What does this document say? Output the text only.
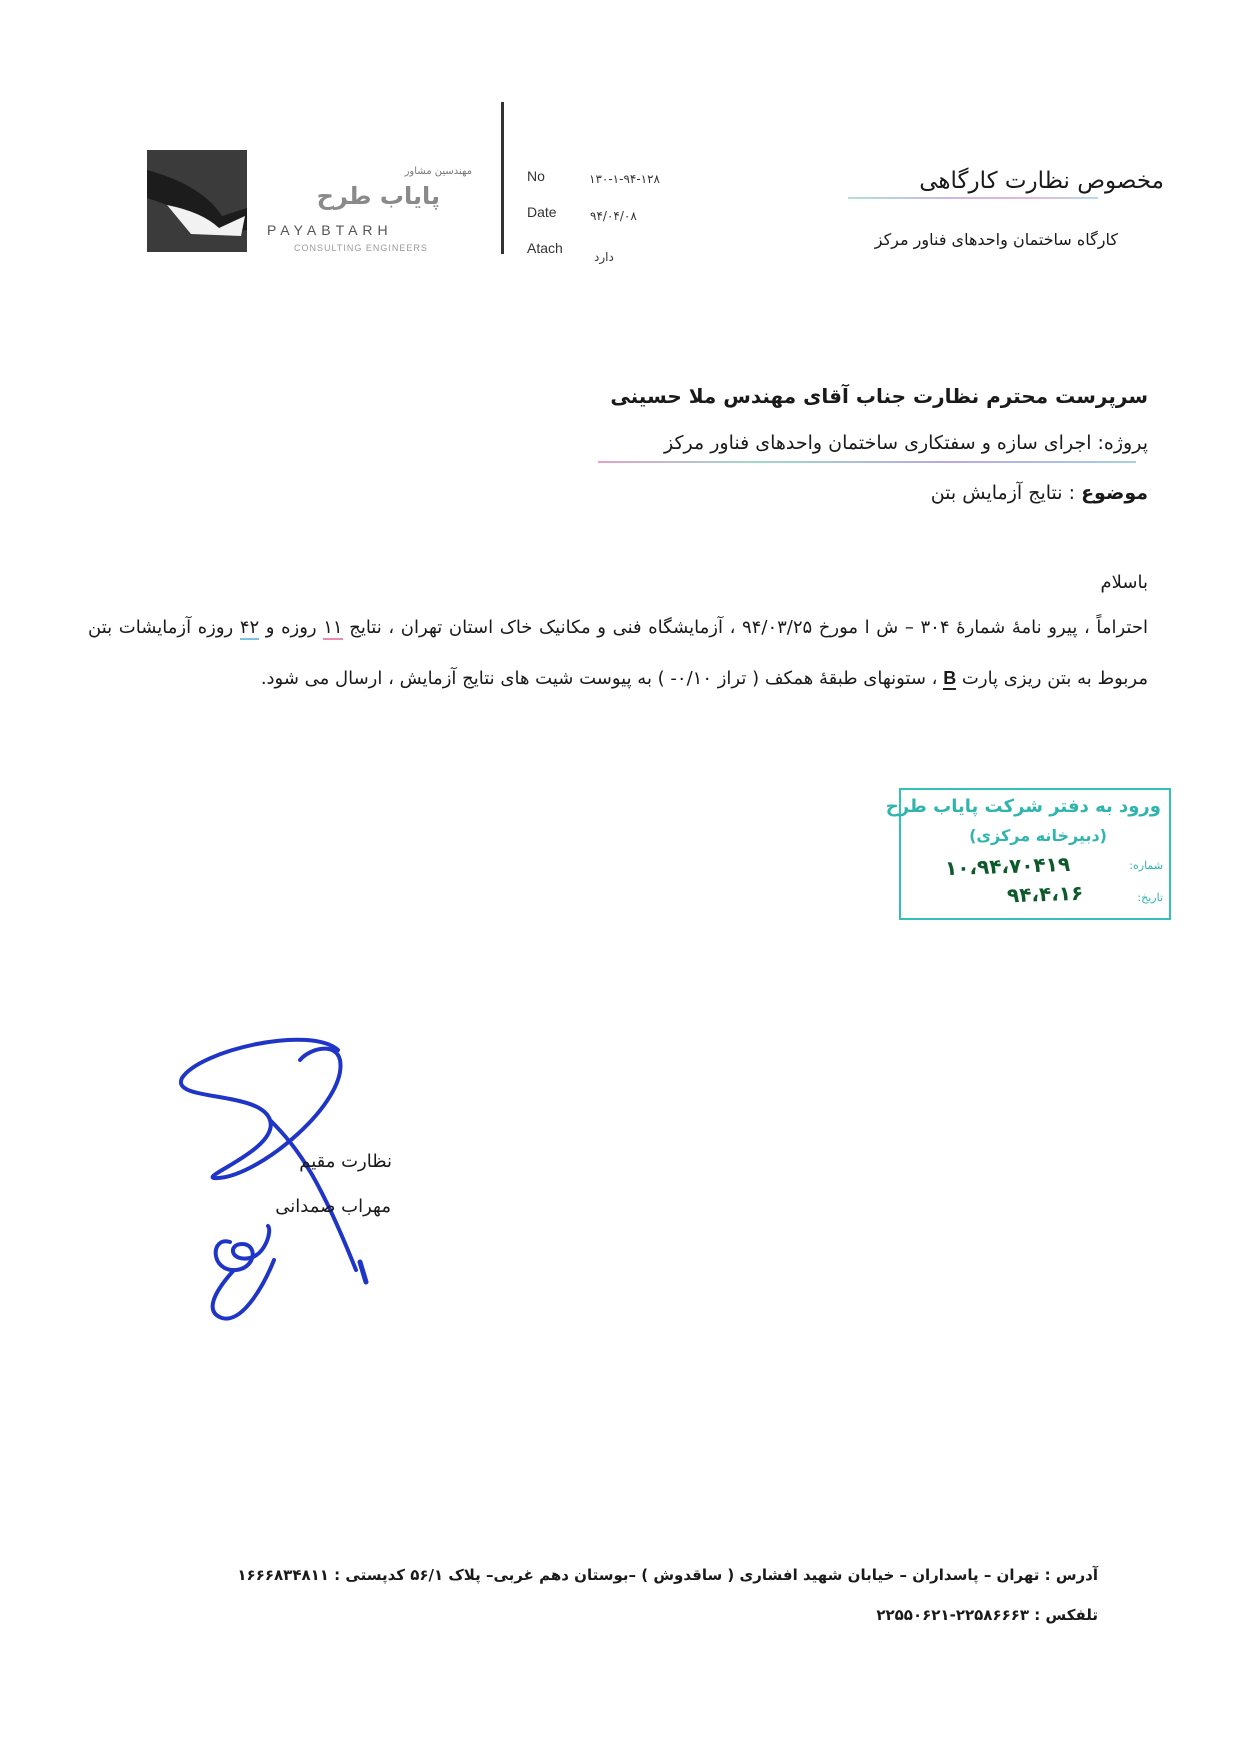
مهندسین مشاور
پایاب طرح
PAYABTARH
CONSULTING ENGINEERS
No	۱۳۰-۱-۹۴-۱۲۸
Date	۹۴/۰۴/۰۸
Atach
دارد
مخصوص نظارت کارگاهی
کارگاه ساختمان واحدهای فناور مرکز
سرپرست محترم نظارت جناب آقای مهندس ملا حسینی
پروژه: اجرای سازه و سفتکاری ساختمان واحدهای فناور مرکز
موضوع : نتایج آزمایش بتن
باسلام

احتراماً ، پیرو نامهٔ شمارهٔ ۳۰۴ – ش ا مورخ ۹۴/۰۳/۲۵ ، آزمایشگاه فنی و مکانیک خاک استان تهران ، نتایج ۱۱ روزه و ۴۲ روزه آزمایشات بتن مربوط به بتن ریزی پارت B ، ستونهای طبقهٔ همکف ( تراز ۰/۱۰- ) به پیوست شیت های نتایج آزمایش ، ارسال می شود.

ورود به دفتر شرکت پایاب طرح
(دبیرخانه مرکزی)
شماره:
تاریخ:
۱۰،۹۴،۷۰۴۱۹
۹۴،۴،۱۶
نظارت مقیم
مهراب صمدانی
آدرس : تهران – پاسداران – خیابان شهید افشاری ( ساقدوش ) –بوستان دهم غربی– پلاک ۵۶/۱ کدپستی : ۱۶۶۶۸۳۴۸۱۱
تلفکس : ۲۲۵۸۶۶۶۳-۲۲۵۵۰۶۲۱
